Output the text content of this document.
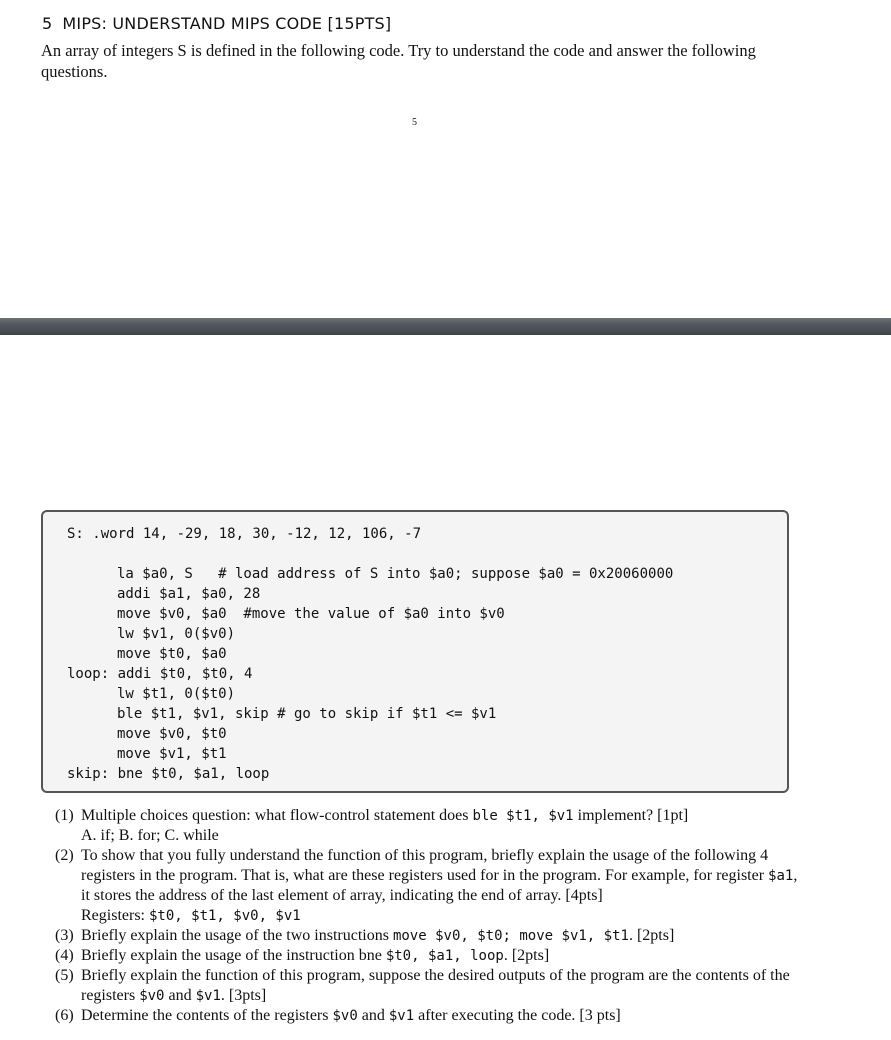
5 MIPS: UNDERSTAND MIPS CODE [15PTS]

An array of integers S is defined in the following code. Try to understand the code and answer the following questions.

5
S: .word 14, -29, 18, 30, -12, 12, 106, -7
la $a0, S   # load address of S into $a0; suppose $a0 = 0x20060000
addi $a1, $a0, 28
move $v0, $a0  #move the value of $a0 into $v0
lw $v1, 0($v0)
move $t0, $a0
loop: addi $t0, $t0, 4
lw $t1, 0($t0)
ble $t1, $v1, skip # go to skip if $t1 <= $v1
move $v0, $t0
move $v1, $t1
skip: bne $t0, $a1, loop
(1) Multiple choices question: what flow-control statement does ble $t1, $v1 implement? [1pt]
A. if; B. for; C. while
(2) To show that you fully understand the function of this program, briefly explain the usage of the following 4 registers in the program. That is, what are these registers used for in the program. For example, for register $a1, it stores the address of the last element of array, indicating the end of array. [4pts]
Registers: $t0, $t1, $v0, $v1
(3) Briefly explain the usage of the two instructions move $v0, $t0; move $v1, $t1. [2pts]
(4) Briefly explain the usage of the instruction bne $t0, $a1, loop. [2pts]
(5) Briefly explain the function of this program, suppose the desired outputs of the program are the contents of the registers $v0 and $v1. [3pts]
(6) Determine the contents of the registers $v0 and $v1 after executing the code. [3 pts]
